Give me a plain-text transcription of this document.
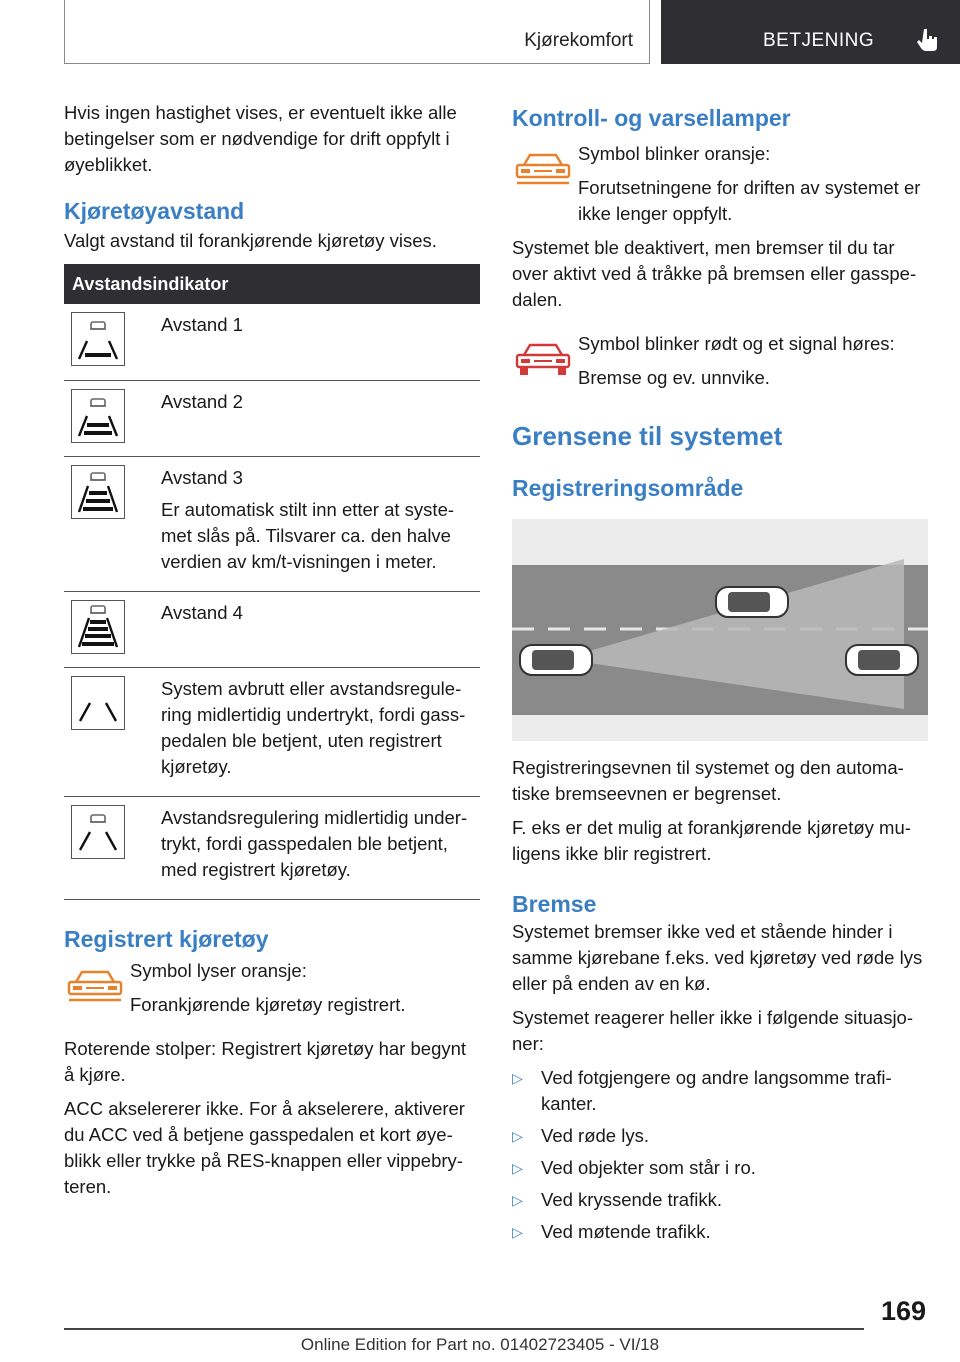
Kjørekomfort	BETJENING

Hvis ingen hastighet vises, er eventuelt ikke alle betingelser som er nødvendige for drift oppfylt i øyeblikket.

Kjøretøyavstand

Valgt avstand til forankjørende kjøretøy vises.

Avstandsindikator	

Avstand 1

Avstand 2

Avstand 3

Er automatisk stilt inn etter at syste-met slås på. Tilsvarer ca. den halve verdien av km/t-visningen i meter.

Avstand 4

System avbrutt eller avstandsregule-ring midlertidig undertrykt, fordi gass-pedalen ble betjent, uten registrert kjøretøy.

Avstandsregulering midlertidig under-trykt, fordi gasspedalen ble betjent, med registrert kjøretøy.

Registrert kjøretøy

Symbol lyser oransje:

Forankjørende kjøretøy registrert.

Roterende stolper: Registrert kjøretøy har begynt å kjøre.

ACC akselererer ikke. For å akselerere, aktiverer du ACC ved å betjene gasspedalen et kort øye-blikk eller trykke på RES-knappen eller vippebry-teren.

Kontroll- og varsellamper

Symbol blinker oransje:

Forutsetningene for driften av systemet er ikke lenger oppfylt.

Systemet ble deaktivert, men bremser til du tar over aktivt ved å tråkke på bremsen eller gasspe-dalen.

Symbol blinker rødt og et signal høres:

Bremse og ev. unnvike.

Grensene til systemet
Registreringsområde

Registreringsevnen til systemet og den automa-tiske bremseevnen er begrenset.

F. eks er det mulig at forankjørende kjøretøy mu-ligens ikke blir registrert.

Bremse

Systemet bremser ikke ved et stående hinder i samme kjørebane f.eks. ved kjøretøy ved røde lys eller på enden av en kø.

Systemet reagerer heller ikke i følgende situasjo-ner:

▷ Ved fotgjengere og andre langsomme trafi-kanter.
▷ Ved røde lys.
▷ Ved objekter som står i ro.
▷ Ved kryssende trafikk.
▷ Ved møtende trafikk.
169
Online Edition for Part no. 01402723405 - VI/18
